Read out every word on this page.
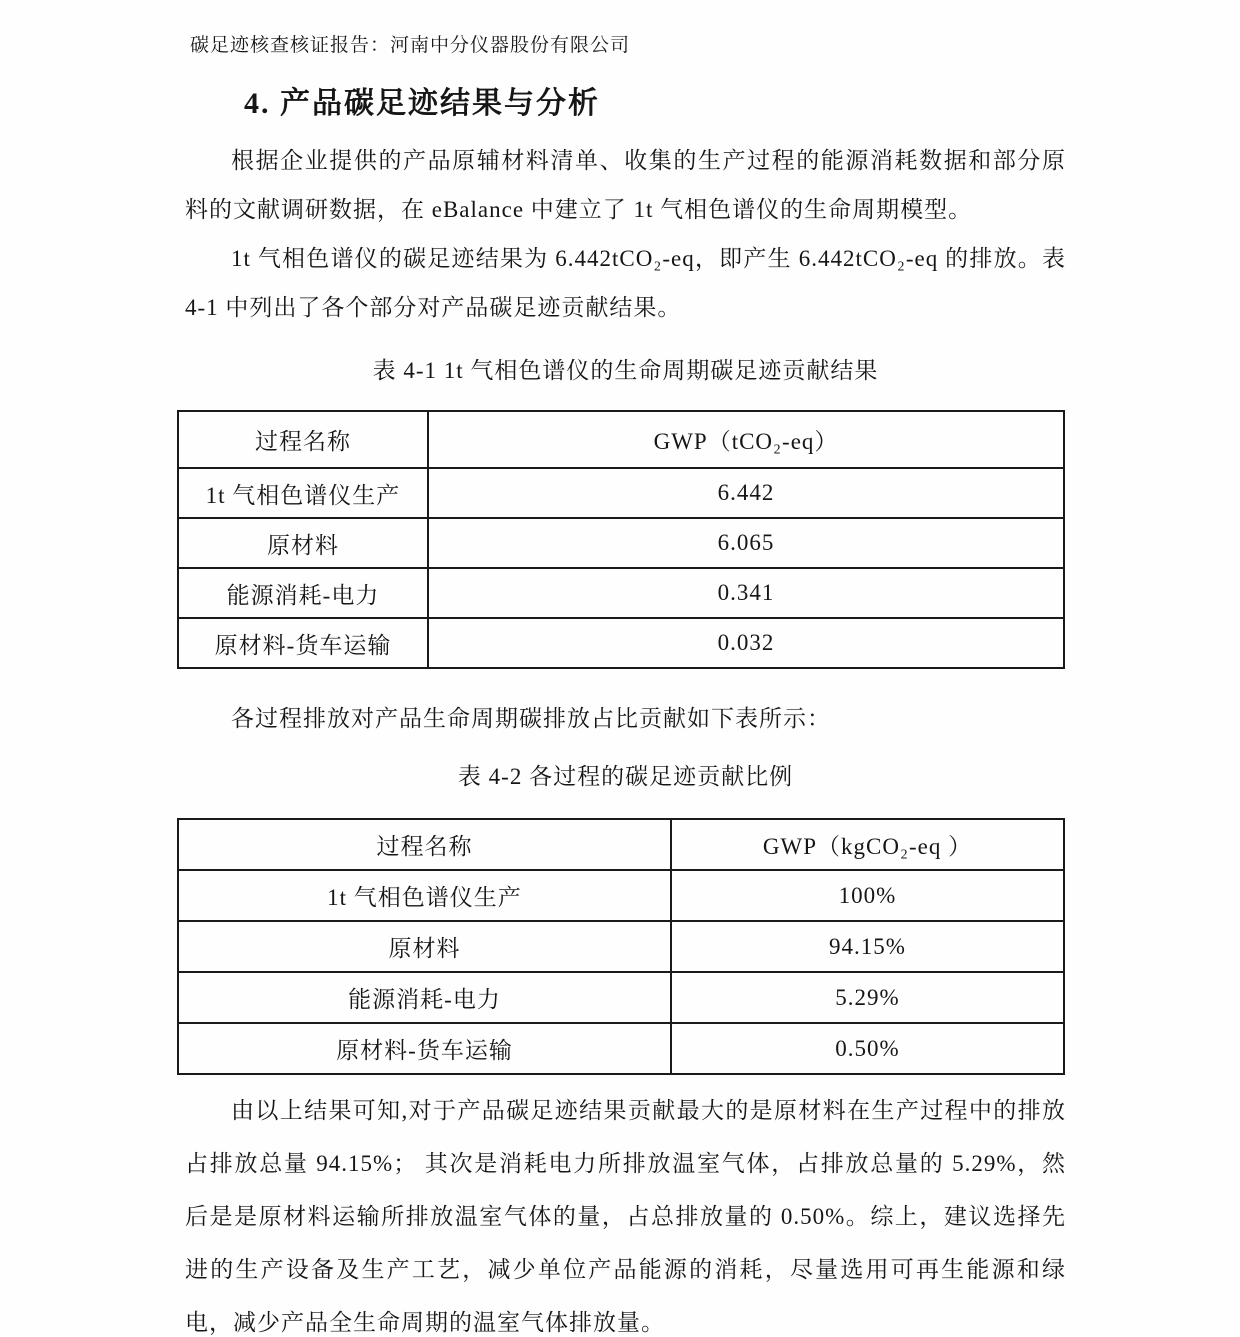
碳足迹核查核证报告：河南中分仪器股份有限公司
4. 产品碳足迹结果与分析

根据企业提供的产品原辅材料清单、收集的生产过程的能源消耗数据和部分原料的文献调研数据，在 eBalance 中建立了 1t 气相色谱仪的生命周期模型。

1t 气相色谱仪的碳足迹结果为 6.442tCO₂-eq，即产生 6.442tCO₂-eq 的排放。表 4-1 中列出了各个部分对产品碳足迹贡献结果。

表 4-1 1t 气相色谱仪的生命周期碳足迹贡献结果
过程名称	GWP（tCO₂-eq）
1t 气相色谱仪生产	6.442
原材料	6.065
能源消耗-电力	0.341
原材料-货车运输	0.032

各过程排放对产品生命周期碳排放占比贡献如下表所示：

表 4-2 各过程的碳足迹贡献比例
过程名称	GWP（kgCO₂-eq ）
1t 气相色谱仪生产	100%
原材料	94.15%
能源消耗-电力	5.29%
原材料-货车运输	0.50%

由以上结果可知,对于产品碳足迹结果贡献最大的是原材料在生产过程中的排放占排放总量 94.15%； 其次是消耗电力所排放温室气体，占排放总量的 5.29%，然后是是原材料运输所排放温室气体的量，占总排放量的 0.50%。综上，建议选择先进的生产设备及生产工艺，减少单位产品能源的消耗，尽量选用可再生能源和绿电，减少产品全生命周期的温室气体排放量。
